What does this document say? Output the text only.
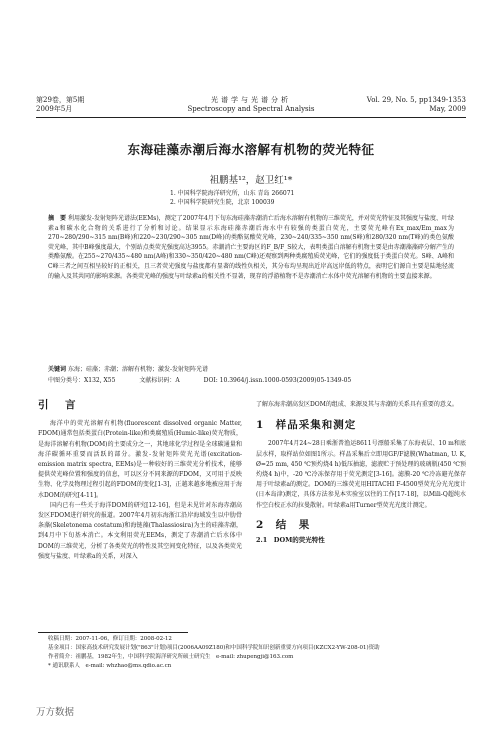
第29卷，第5期
2009年5月
光谱学与光谱分析
Spectroscopy and Spectral Analysis
Vol. 29, No. 5, pp1349-1353
May, 2009
东海硅藻赤潮后海水溶解有机物的荧光特征
祖鹏基¹²，赵卫红¹*
1. 中国科学院海洋研究所，山东 青岛 266071
2. 中国科学院研究生院，北京 100039
摘　要 利用激发-发射矩阵光谱法(EEMs)，测定了2007年4月下旬东海硅藻赤潮消亡后海水溶解有机物的三维荧光，并对荧光特征及其强度与盐度、叶绿素a和碳水化合物的关系进行了分析和讨论。结果显示东海硅藻赤潮后海水中有较强的类蛋白荧光，主要荧光峰有Ex_max/Em_max为270~280/290~315 nm(B峰)和220~230/290~305 nm(D峰)的类酪氨酸荧光峰，230~240/335~350 nm(S峰)和280/320 nm(T峰)的类色氨酸荧光峰，其中B峰强度最大，个别站点类荧光强度高达3955。赤潮消亡主要海区的F_B/F_S较大，表明类蛋白溶解有机物主要是由赤潮藻藻碎分解产生的类酪氨酸。在255~270/435~480 nm(A峰)和330~350/420~480 nm(C峰)还观察到两种类腐殖质荧光峰，它们的强度低于类蛋白荧光。S峰、A峰和C峰三者之间互相呈较好的正相关，且三者荧光强度与盐度都有显著的线性负相关，其分布均呈现出近岸高远岸低的特点，表明它们源自主要是陆地径流的输入及其共同的影响来源。各类荧光峰的强度与叶绿素a的相关性不显著，现存的浮游植物不是赤潮消亡水体中荧光溶解有机物的主要直接来源。
关键词 东海；硅藻；赤潮；溶解有机物；激发-发射矩阵光谱
中图分类号：X132, X55	文献标识码：A	DOI: 10.3964/j.issn.1000-0593(2009)05-1349-05
引　言

海洋中的荧光溶解有机物(fluorescent dissolved organic Matter, FDOM)通常包括类蛋白(Protein-like)和类腐殖质(Humic-like)荧光物质，是海洋溶解有机物(DOM)的主要成分之一，其地球化学过程是全球碳通量和海洋碳循环重要而活跃的部分。激发-发射矩阵荧光光谱(excitation-emission matrix spectra, EEMs)是一种较好的三维荧光分析技术，能够提供荧光峰位置和强度的信息，可以区分不同来源的FDOM，又可用于反映生物、化学及物理过程引起的FDOM的变化[1-3]，正越来越多地被应用于海水DOM的研究[4-11]。

国内已有一些关于海洋DOM的研究[12-16]，但是未见针对东海赤潮高发区FDOM进行研究的报道。2007年4月初东海浙江沿岸海域发生以中肋骨条藻(Skeletonema costatum)和海链藻(Thalassiosira)为主的硅藻赤潮，到4月中下旬基本消亡。本文利用荧光EEMs，测定了赤潮消亡后水体中DOM的三维荧光，分析了各类荧光的特性及其空间变化特征，以及各类荧光强度与盐度、叶绿素a的关系，对深入

了解东海赤潮高发区DOM的组成、来源及其与赤潮的关系具有重要的意义。

1　样品采集和测定

2007年4月24~28日乘浙普渔运8611号漂船采集了东海表层、10 m和底层水样，取样站位如图1所示。样品采集后立即用GF/F滤膜(Whatman, U. K, Ø=25 mm, 450 ℃预灼烧4 h)低压抽滤，滤液贮于预处理的玻璃瓶(450 ℃预灼烧4 h)中，-20 ℃冷冻保存用于荧光测定[3-16]。滤膜-20 ℃冷冻避光保存用于叶绿素a的测定。DOM的三维荧光用HITACHI F-4500型荧光分光光度计(日本岛津)测定，具体方法参见本实验室以往的工作[17-18]，以Mili-Q超纯水作空白校正水的拉曼散射。叶绿素a用Turner型荧光光度计测定。

2　结　果
2.1　DOM的荧光特性
收稿日期：2007-11-06，修订日期：2008-02-12
基金项目：国家高技术研究发展计划("863"计划)项目(2006AA09Z180)和中国科学院知识创新重要方向项目(KZCX2-YW-208-01)资助
作者简介：祖鹏基，1982年生，中国科学院海洋研究所硕士研究生　e-mail: zhupengji@163.com
* 通讯联系人　e-mail: whzhao@ms.qdio.ac.cn
万方数据
